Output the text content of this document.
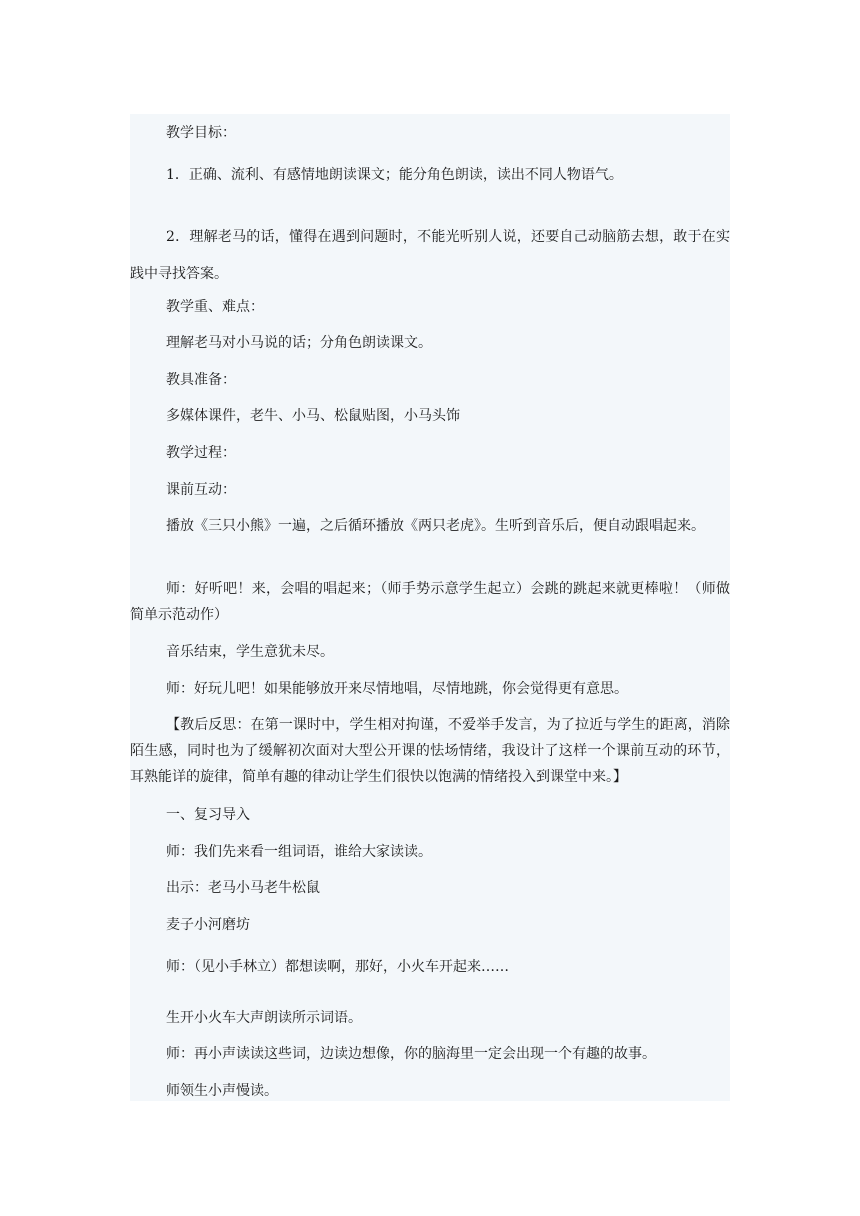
教学目标：

1．正确、流利、有感情地朗读课文；能分角色朗读，读出不同人物语气。

2．理解老马的话，懂得在遇到问题时，不能光听别人说，还要自己动脑筋去想，敢于在实践中寻找答案。

教学重、难点：

理解老马对小马说的话；分角色朗读课文。

教具准备：

多媒体课件，老牛、小马、松鼠贴图，小马头饰

教学过程：

课前互动：

播放《三只小熊》一遍，之后循环播放《两只老虎》。生听到音乐后，便自动跟唱起来。

师：好听吧！来，会唱的唱起来；（师手势示意学生起立）会跳的跳起来就更棒啦！（师做简单示范动作）

音乐结束，学生意犹未尽。

师：好玩儿吧！如果能够放开来尽情地唱，尽情地跳，你会觉得更有意思。

【教后反思：在第一课时中，学生相对拘谨，不爱举手发言，为了拉近与学生的距离，消除陌生感，同时也为了缓解初次面对大型公开课的怯场情绪，我设计了这样一个课前互动的环节，耳熟能详的旋律，简单有趣的律动让学生们很快以饱满的情绪投入到课堂中来。】

一、复习导入

师：我们先来看一组词语，谁给大家读读。

出示：老马小马老牛松鼠

麦子小河磨坊

师：（见小手林立）都想读啊，那好，小火车开起来……

生开小火车大声朗读所示词语。

师：再小声读读这些词，边读边想像，你的脑海里一定会出现一个有趣的故事。

师领生小声慢读。
